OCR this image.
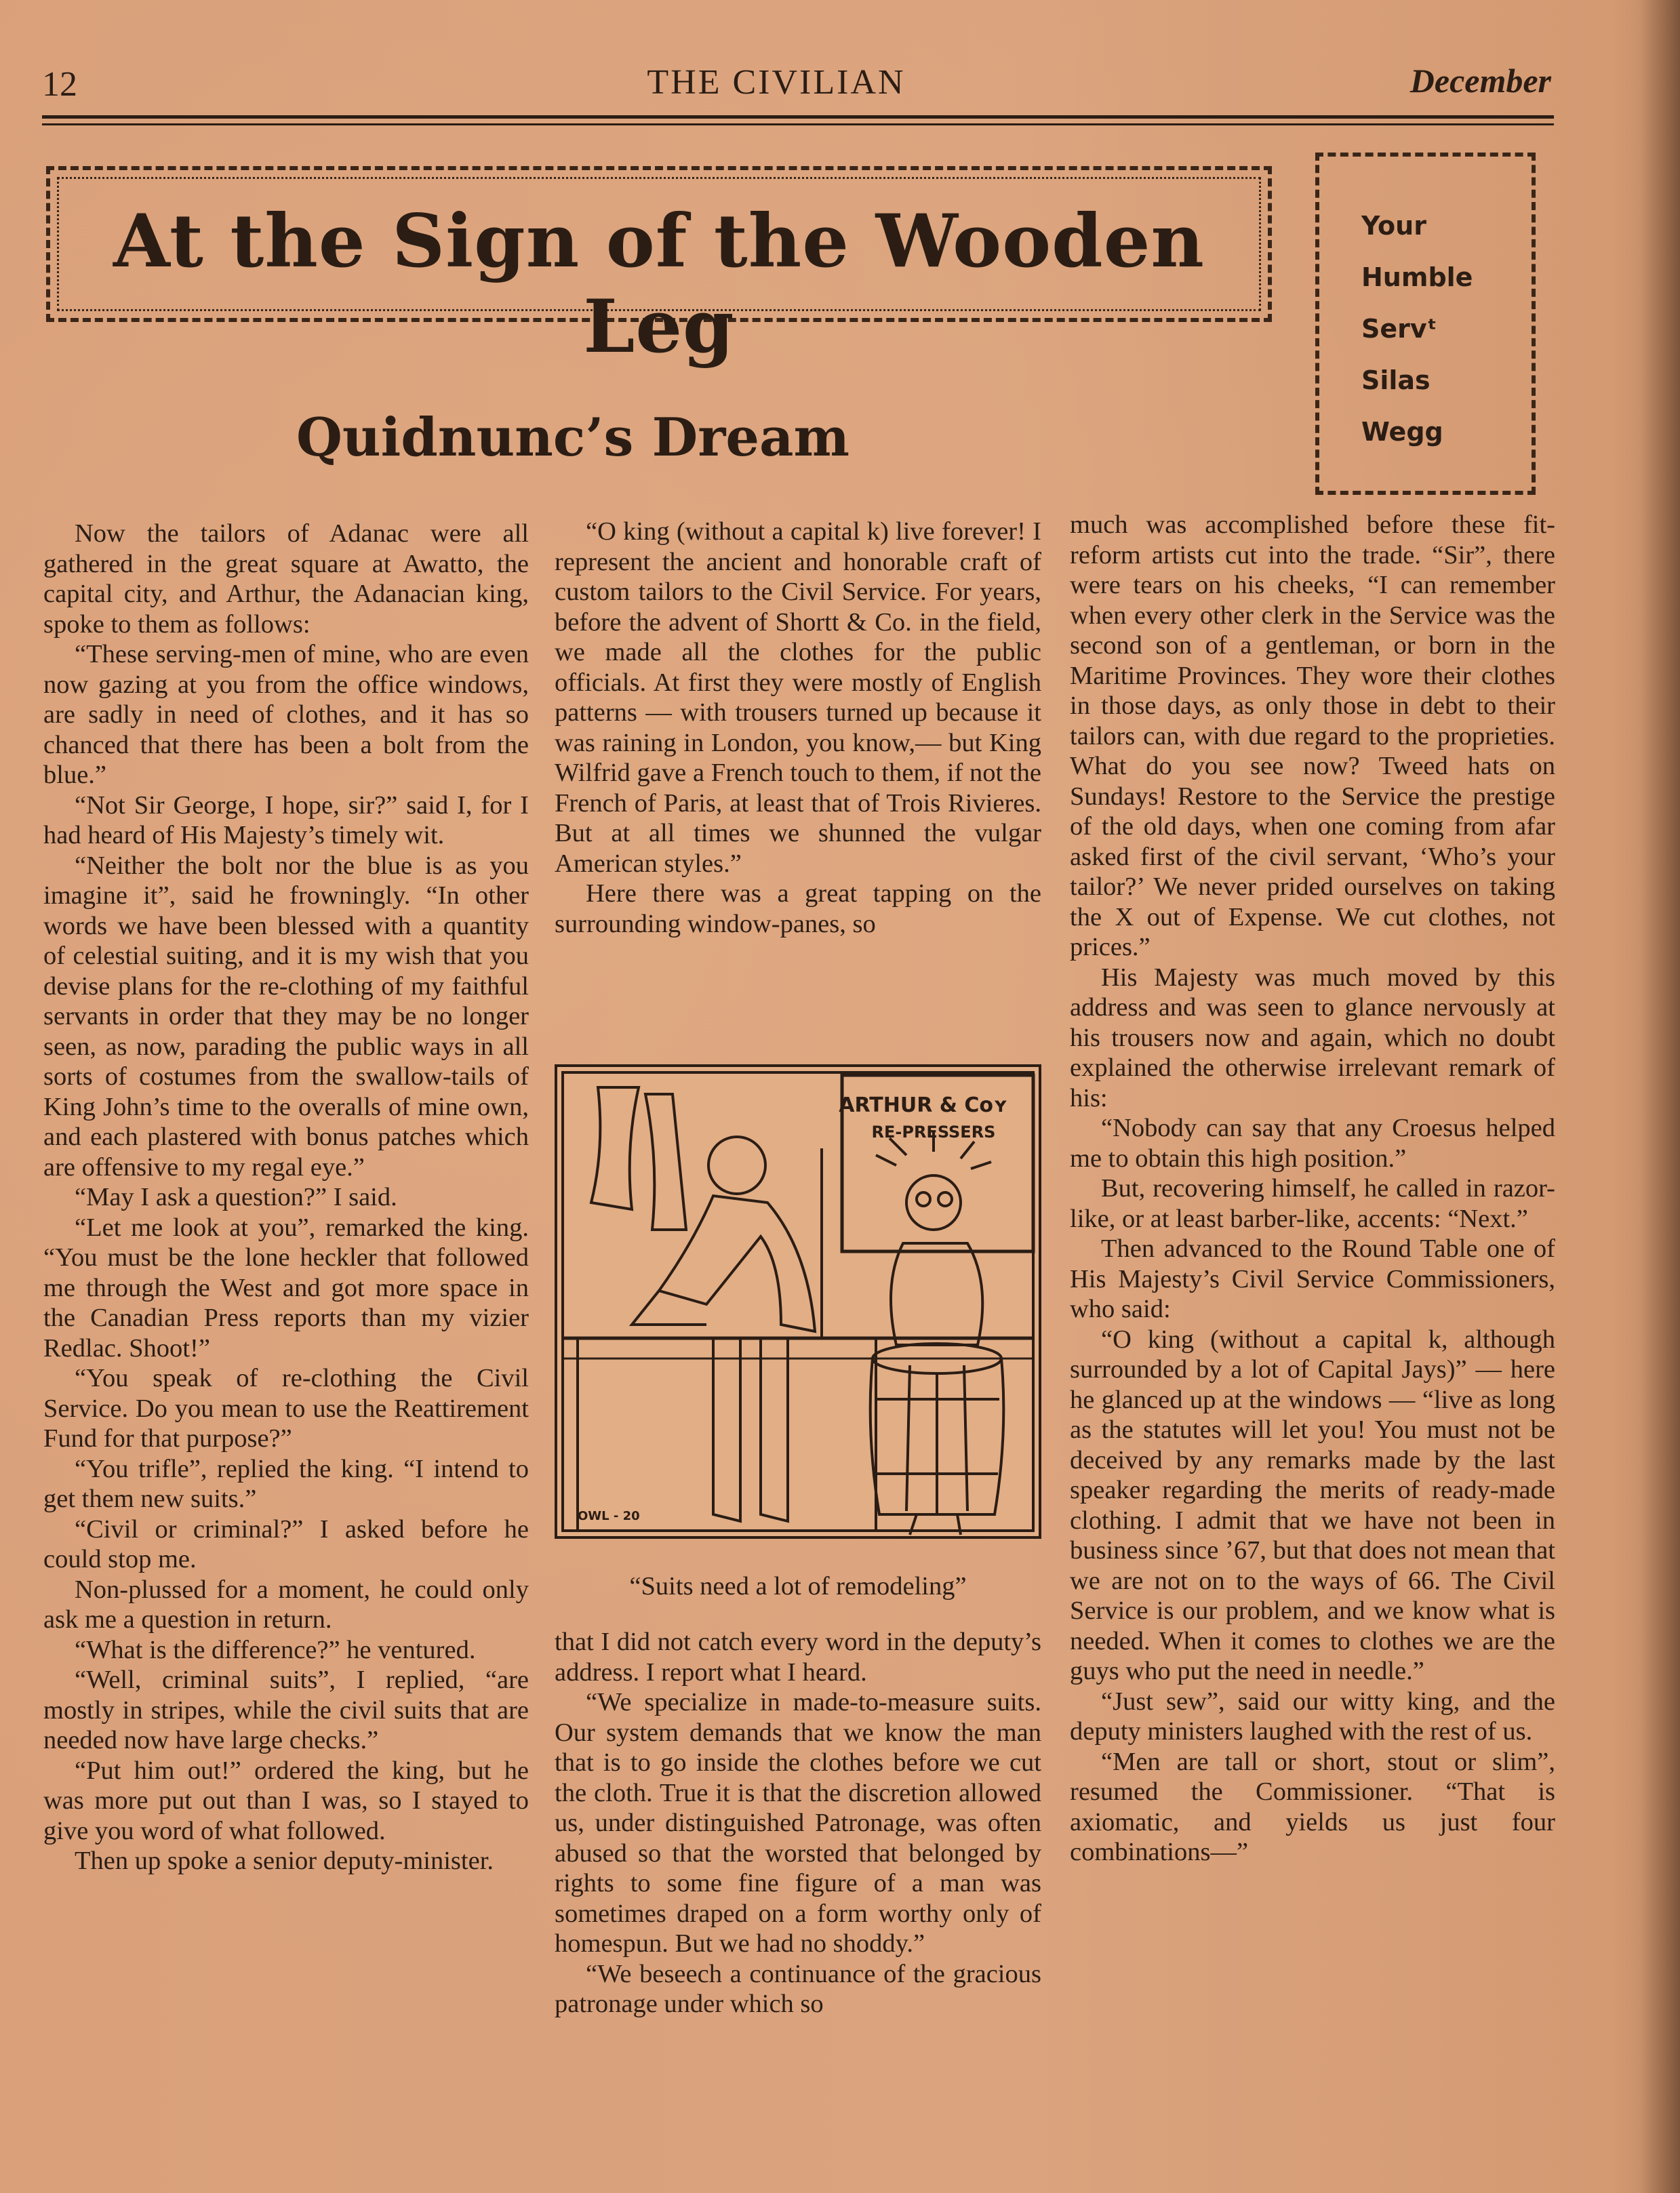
12	THE CIVILIAN	December
At the Sign of the Wooden Leg
Your
Humble
Servᵗ
Silas
Wegg
Quidnunc’s Dream

Now the tailors of Adanac were all gathered in the great square at Awatto, the capital city, and Arthur, the Adanacian king, spoke to them as follows:

“These serving-men of mine, who are even now gazing at you from the office windows, are sadly in need of clothes, and it has so chanced that there has been a bolt from the blue.”

“Not Sir George, I hope, sir?” said I, for I had heard of His Majesty’s timely wit.

“Neither the bolt nor the blue is as you imagine it”, said he frowningly. “In other words we have been blessed with a quantity of celestial suiting, and it is my wish that you devise plans for the re-clothing of my faithful servants in order that they may be no longer seen, as now, parading the public ways in all sorts of costumes from the swallow-tails of King John’s time to the overalls of mine own, and each plastered with bonus patches which are offensive to my regal eye.”

“May I ask a question?” I said.

“Let me look at you”, remarked the king. “You must be the lone heckler that followed me through the West and got more space in the Canadian Press reports than my vizier Redlac. Shoot!”

“You speak of re-clothing the Civil Service. Do you mean to use the Reattirement Fund for that purpose?”

“You trifle”, replied the king. “I intend to get them new suits.”

“Civil or criminal?” I asked before he could stop me.

Non-plussed for a moment, he could only ask me a question in return.

“What is the difference?” he ventured.

“Well, criminal suits”, I replied, “are mostly in stripes, while the civil suits that are needed now have large checks.”

“Put him out!” ordered the king, but he was more put out than I was, so I stayed to give you word of what followed.

Then up spoke a senior deputy-minister.

“O king (without a capital k) live forever! I represent the ancient and honorable craft of custom tailors to the Civil Service. For years, before the advent of Shortt & Co. in the field, we made all the clothes for the public officials. At first they were mostly of English patterns — with trousers turned up because it was raining in London, you know,— but King Wilfrid gave a French touch to them, if not the French of Paris, at least that of Trois Rivieres. But at all times we shunned the vulgar American styles.”

Here there was a great tapping on the surrounding window-panes, so

ARTHUR & Coʏ
RE-PRESSERS
OWL - 20
“Suits need a lot of remodeling”

that I did not catch every word in the deputy’s address. I report what I heard.

“We specialize in made-to-measure suits. Our system demands that we know the man that is to go inside the clothes before we cut the cloth. True it is that the discretion allowed us, under distinguished Patronage, was often abused so that the worsted that belonged by rights to some fine figure of a man was sometimes draped on a form worthy only of homespun. But we had no shoddy.”

“We beseech a continuance of the gracious patronage under which so

much was accomplished before these fit-reform artists cut into the trade. “Sir”, there were tears on his cheeks, “I can remember when every other clerk in the Service was the second son of a gentleman, or born in the Maritime Provinces. They wore their clothes in those days, as only those in debt to their tailors can, with due regard to the proprieties. What do you see now? Tweed hats on Sundays! Restore to the Service the prestige of the old days, when one coming from afar asked first of the civil servant, ‘Who’s your tailor?’ We never prided ourselves on taking the X out of Expense. We cut clothes, not prices.”

His Majesty was much moved by this address and was seen to glance nervously at his trousers now and again, which no doubt explained the otherwise irrelevant remark of his:

“Nobody can say that any Croesus helped me to obtain this high position.”

But, recovering himself, he called in razor-like, or at least barber-like, accents: “Next.”

Then advanced to the Round Table one of His Majesty’s Civil Service Commissioners, who said:

“O king (without a capital k, although surrounded by a lot of Capital Jays)” — here he glanced up at the windows — “live as long as the statutes will let you! You must not be deceived by any remarks made by the last speaker regarding the merits of ready-made clothing. I admit that we have not been in business since ’67, but that does not mean that we are not on to the ways of 66. The Civil Service is our problem, and we know what is needed. When it comes to clothes we are the guys who put the need in needle.”

“Just sew”, said our witty king, and the deputy ministers laughed with the rest of us.

“Men are tall or short, stout or slim”, resumed the Commissioner. “That is axiomatic, and yields us just four combinations—”
